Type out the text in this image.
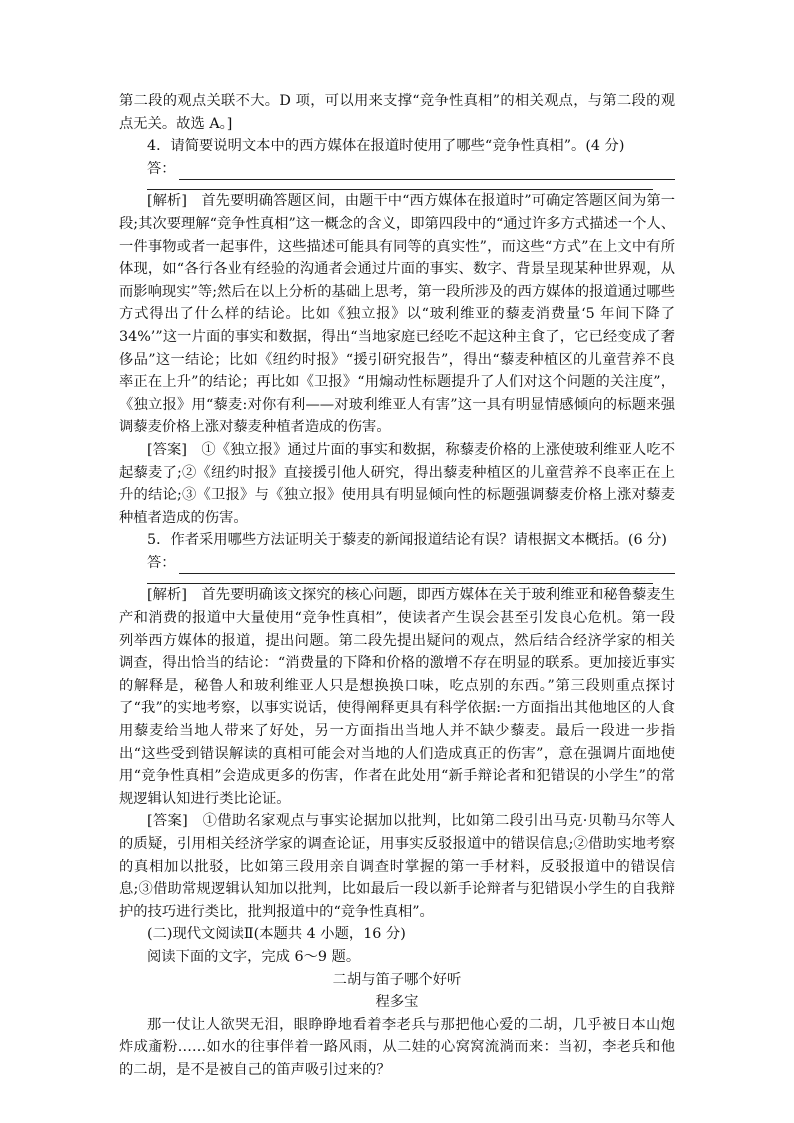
第二段的观点关联不大。D 项，可以用来支撑“竞争性真相”的相关观点，与第二段的观点无关。故选 A。]

4．请简要说明文本中的西方媒体在报道时使用了哪些“竞争性真相”。(4 分)

答：

[解析]　 首先要明确答题区间，由题干中“西方媒体在报道时”可确定答题区间为第一段;其次要理解“竞争性真相”这一概念的含义，即第四段中的“通过许多方式描述一个人、一件事物或者一起事件，这些描述可能具有同等的真实性”，而这些“方式”在上文中有所体现，如“各行各业有经验的沟通者会通过片面的事实、数字、背景呈现某种世界观，从而影响现实”等;然后在以上分析的基础上思考，第一段所涉及的西方媒体的报道通过哪些方式得出了什么样的结论。比如《独立报》以“玻利维亚的藜麦消费量‘5 年间下降了 34%’”这一片面的事实和数据，得出“当地家庭已经吃不起这种主食了，它已经变成了奢侈品”这一结论；比如《纽约时报》“援引研究报告”，得出“藜麦种植区的儿童营养不良率正在上升”的结论；再比如《卫报》“用煽动性标题提升了人们对这个问题的关注度”，《独立报》用“藜麦:对你有利——对玻利维亚人有害”这一具有明显情感倾向的标题来强调藜麦价格上涨对藜麦种植者造成的伤害。

[答案]　 ①《独立报》通过片面的事实和数据，称藜麦价格的上涨使玻利维亚人吃不起藜麦了;②《纽约时报》直接援引他人研究，得出藜麦种植区的儿童营养不良率正在上升的结论;③《卫报》与《独立报》使用具有明显倾向性的标题强调藜麦价格上涨对藜麦种植者造成的伤害。

5．作者采用哪些方法证明关于藜麦的新闻报道结论有误？请根据文本概括。(6 分)

答：

[解析]　 首先要明确该文探究的核心问题，即西方媒体在关于玻利维亚和秘鲁藜麦生产和消费的报道中大量使用“竞争性真相”，使读者产生误会甚至引发良心危机。第一段列举西方媒体的报道，提出问题。第二段先提出疑问的观点，然后结合经济学家的相关调查，得出恰当的结论：“消费量的下降和价格的激增不存在明显的联系。更加接近事实的解释是，秘鲁人和玻利维亚人只是想换换口味，吃点别的东西。”第三段则重点探讨了“我”的实地考察，以事实说话，使得阐释更具有科学依据:一方面指出其他地区的人食用藜麦给当地人带来了好处，另一方面指出当地人并不缺少藜麦。最后一段进一步指出“这些受到错误解读的真相可能会对当地的人们造成真正的伤害”，意在强调片面地使用“竞争性真相”会造成更多的伤害，作者在此处用“新手辩论者和犯错误的小学生”的常规逻辑认知进行类比论证。

[答案]　 ①借助名家观点与事实论据加以批判，比如第二段引出马克·贝勒马尔等人的质疑，引用相关经济学家的调查论证，用事实反驳报道中的错误信息;②借助实地考察的真相加以批驳，比如第三段用亲自调查时掌握的第一手材料，反驳报道中的错误信息;③借助常规逻辑认知加以批判，比如最后一段以新手论辩者与犯错误小学生的自我辩护的技巧进行类比，批判报道中的“竞争性真相”。

(二)现代文阅读Ⅱ(本题共 4 小题，16 分)

阅读下面的文字，完成 6～9 题。

二胡与笛子哪个好听

程多宝

那一仗让人欲哭无泪，眼睁睁地看着李老兵与那把他心爱的二胡，几乎被日本山炮炸成齑粉……如水的往事伴着一路风雨，从二娃的心窝窝流淌而来：当初，李老兵和他的二胡，是不是被自己的笛声吸引过来的？
